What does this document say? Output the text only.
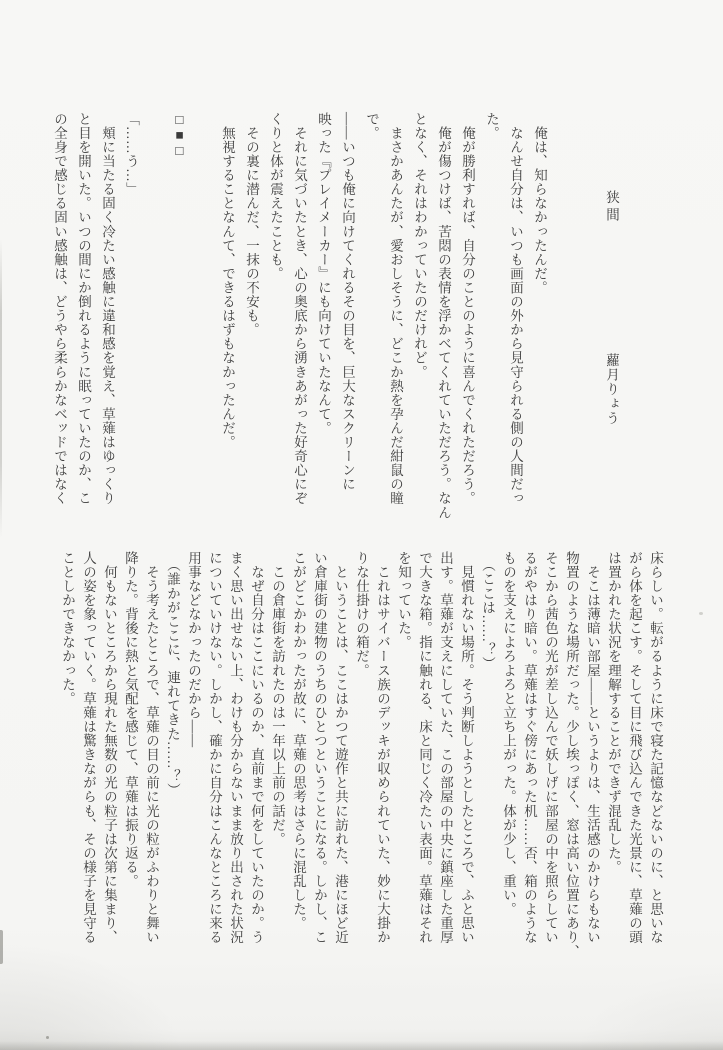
狭間蘿月りょう

　俺は、知らなかったんだ。

　なんせ自分は、いつも画面の外から見守られる側の人間だっ

た。

　俺が勝利すれば、自分のことのように喜んでくれただろう。

　俺が傷つけば、苦悶の表情を浮かべてくれていただろう。なん

となく、それはわかっていたのだけれど。

　まさかあんたが、愛おしそうに、どこか熱を孕んだ紺鼠の瞳

で。

――いつも俺に向けてくれるその目を、巨大なスクリーンに

映った『プレイメーカー』にも向けていたなんて。

　それに気づいたとき、心の奥底から湧きあがった好奇心にぞ

くりと体が震えたことも。

　その裏に潜んだ、一抹の不安も。

　無視することなんて、できるはずもなかったんだ。

□■□

「……う…」

　頬に当たる固く冷たい感触に違和感を覚え、草薙はゆっくり

と目を開いた。いつの間にか倒れるように眠っていたのか、こ

の全身で感じる固い感触は、どうやら柔らかなベッドではなく

床らしい。転がるように床で寝た記憶などないのに、と思いな

がら体を起こす。そして目に飛び込んできた光景に、草薙の頭

は置かれた状況を理解することができず混乱した。

　そこは薄暗い部屋――というよりは、生活感のかけらもない

物置のような場所だった。少し埃っぽく、窓は高い位置にあり、

そこから茜色の光が差し込んで妖しげに部屋の中を照らしてい

るがやはり暗い。草薙はすぐ傍にあった机……否、箱のような

ものを支えによろよろと立ち上がった。体が少し、重い。

　（ここは……？）

　見慣れない場所。そう判断しようとしたところで、ふと思い

出す。草薙が支えにしていた、この部屋の中央に鎮座した重厚

で大きな箱。指に触れる、床と同じく冷たい表面。草薙はそれ

を知っていた。

　これはサイバース族のデッキが収められていた、妙に大掛か

りな仕掛けの箱だ。

　ということは、ここはかつて遊作と共に訪れた、港にほど近

い倉庫街の建物のうちのひとつということになる。しかし、こ

こがどこかわかったが故に、草薙の思考はさらに混乱した。

　この倉庫街を訪れたのは一年以上前の話だ。

　なぜ自分はここにいるのか、直前まで何をしていたのか。う

まく思い出せない上、わけも分からないまま放り出された状況

についていけない。しかし、確かに自分はこんなところに来る

用事などなかったのだから――

　（誰かがここに、連れてきた……？）

　そう考えたところで、草薙の目の前に光の粒がふわりと舞い

降りた。背後に熱と気配を感じて、草薙は振り返る。

　何もないところから現れた無数の光の粒子は次第に集まり、

人の姿を象っていく。草薙は驚きながらも、その様子を見守る

ことしかできなかった。
